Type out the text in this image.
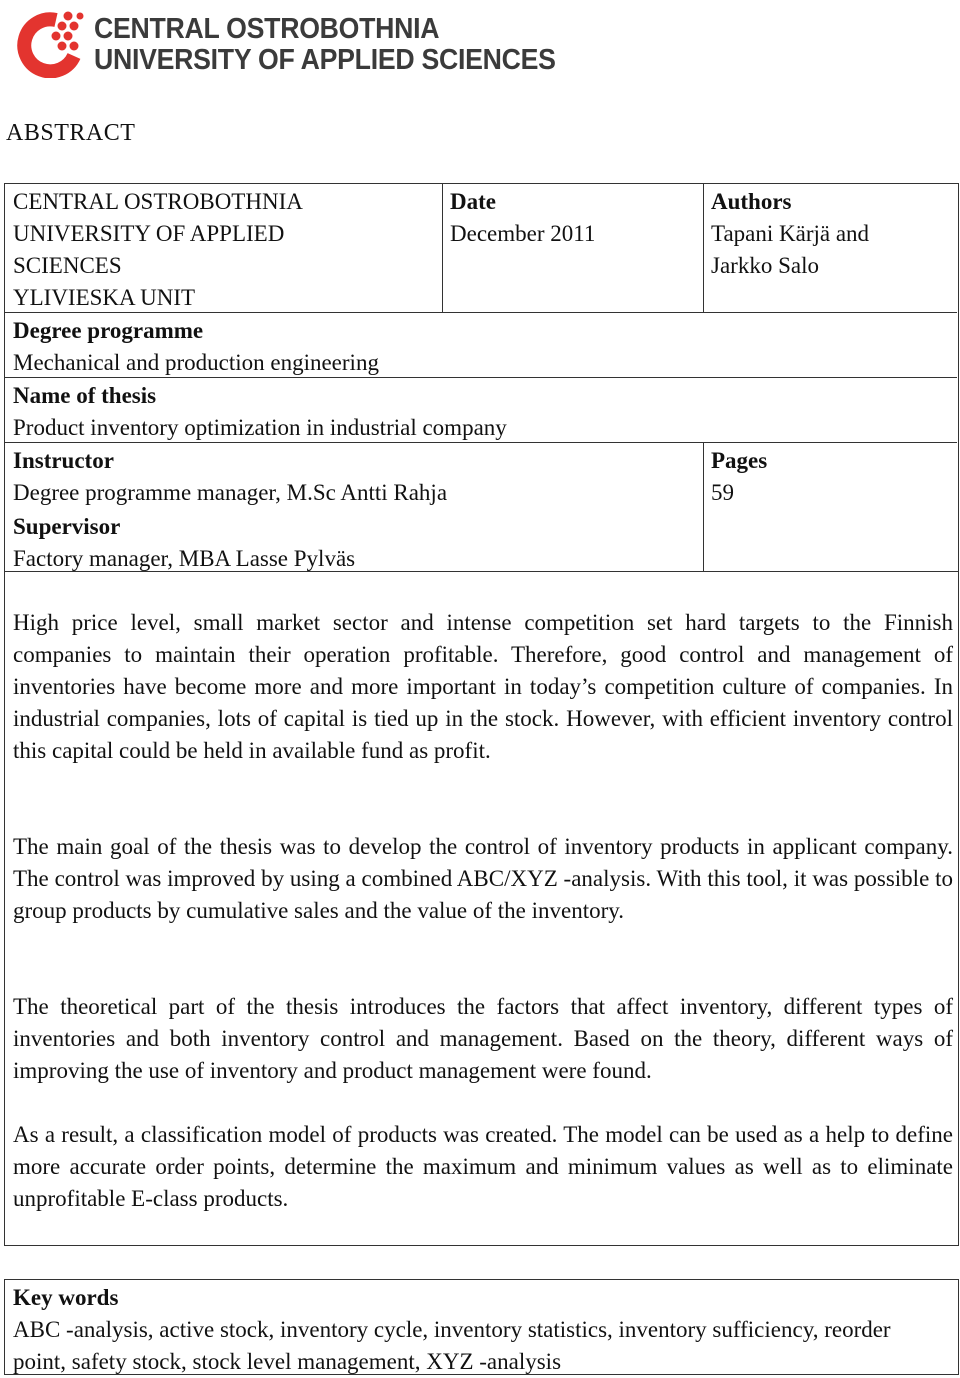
CENTRAL OSTROBOTHNIA
UNIVERSITY OF APPLIED SCIENCES
ABSTRACT
CENTRAL OSTROBOTHNIA
UNIVERSITY OF APPLIED
SCIENCES
YLIVIESKA UNIT
Date
December 2011
Authors
Tapani Kärjä and
Jarkko Salo
Degree programme
Mechanical and production engineering
Name of thesis
Product inventory optimization in industrial company
Instructor
Degree programme manager, M.Sc Antti Rahja
Supervisor
Factory manager, MBA Lasse Pylväs
Pages
59
High price level, small market sector and intense competition set hard targets to the Finnish companies to maintain their operation profitable. Therefore, good control and management of inventories have become more and more important in today’s competition culture of companies. In industrial companies, lots of capital is tied up in the stock. However, with efficient inventory control this capital could be held in available fund as profit.
The main goal of the thesis was to develop the control of inventory products in applicant company. The control was improved by using a combined ABC/XYZ -analysis. With this tool, it was possible to group products by cumulative sales and the value of the inventory.
The theoretical part of the thesis introduces the factors that affect inventory, different types of inventories and both inventory control and management. Based on the theory, different ways of improving the use of inventory and product management were found.
As a result, a classification model of products was created. The model can be used as a help to define more accurate order points, determine the maximum and minimum values as well as to eliminate unprofitable E-class products.
Key words
ABC -analysis, active stock, inventory cycle, inventory statistics, inventory sufficiency, reorder point, safety stock, stock level management, XYZ -analysis
